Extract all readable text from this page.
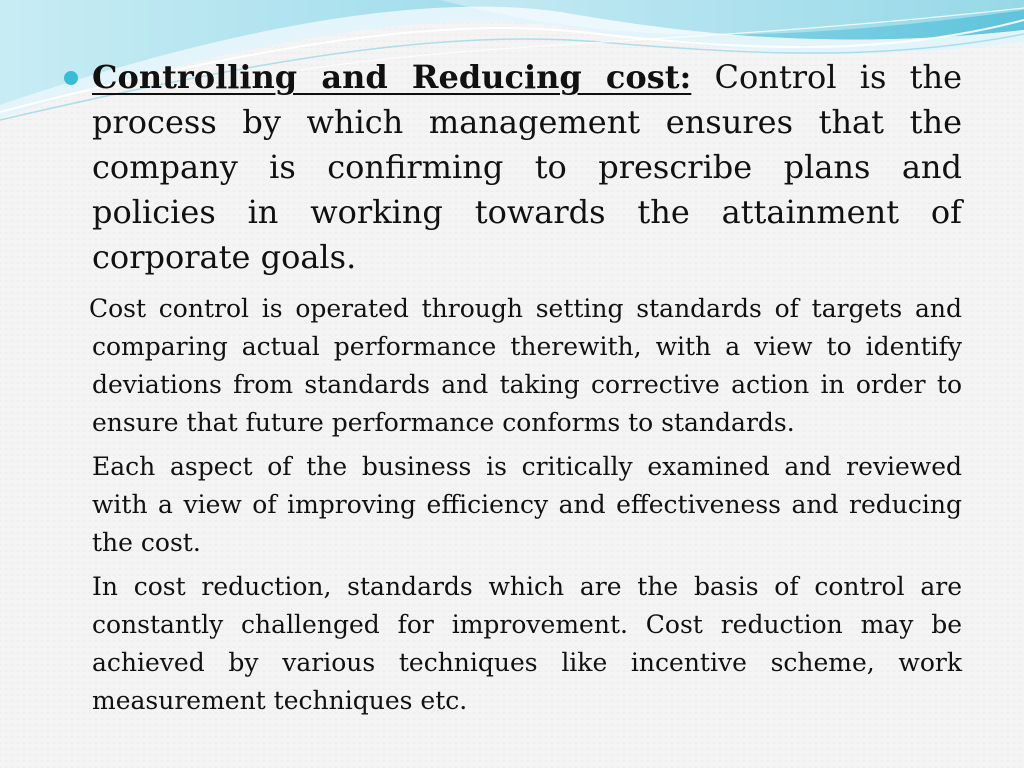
Controlling and Reducing cost: Control is the process by which management ensures that the company is confirming to prescribe plans and policies in working towards the attainment of corporate goals.

Cost control is operated through setting standards of targets and comparing actual performance therewith, with a view to identify deviations from standards and taking corrective action in order to ensure that future performance conforms to standards.

Each aspect of the business is critically examined and reviewed with a view of improving efficiency and effectiveness and reducing the cost.

In cost reduction, standards which are the basis of control are constantly challenged for improvement. Cost reduction may be achieved by various techniques like incentive scheme, work measurement techniques etc.
